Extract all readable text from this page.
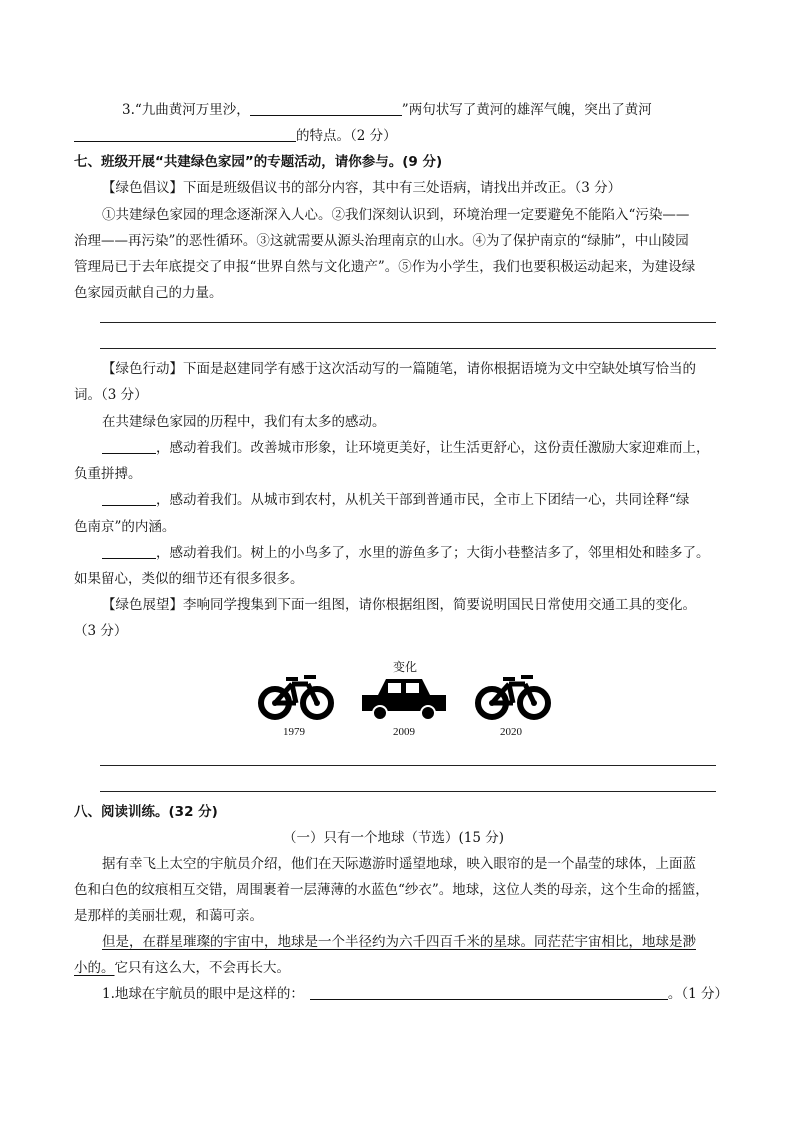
3.“九曲黄河万里沙，	”两句状写了黄河的雄浑气魄，突出了黄河
的特点。（2 分）
七、班级开展“共建绿色家园”的专题活动，请你参与。(9 分)
【绿色倡议】下面是班级倡议书的部分内容，其中有三处语病，请找出并改正。（3 分）
①共建绿色家园的理念逐渐深入人心。②我们深刻认识到，环境治理一定要避免不能陷入“污染——
治理——再污染”的恶性循环。③这就需要从源头治理南京的山水。④为了保护南京的“绿肺”，中山陵园
管理局已于去年底提交了申报“世界自然与文化遗产”。⑤作为小学生，我们也要积极运动起来，为建设绿
色家园贡献自己的力量。
【绿色行动】下面是赵建同学有感于这次活动写的一篇随笔，请你根据语境为文中空缺处填写恰当的
词。（3 分）
在共建绿色家园的历程中，我们有太多的感动。
，感动着我们。改善城市形象，让环境更美好，让生活更舒心，这份责任激励大家迎难而上，
负重拼搏。
，感动着我们。从城市到农村，从机关干部到普通市民，全市上下团结一心，共同诠释“绿
色南京”的内涵。
，感动着我们。树上的小鸟多了，水里的游鱼多了；大街小巷整洁多了，邻里相处和睦多了。
如果留心，类似的细节还有很多很多。
【绿色展望】李响同学搜集到下面一组图，请你根据组图，简要说明国民日常使用交通工具的变化。
（3 分）
变化
1979	2009	2020
八、阅读训练。(32 分)
（一）只有一个地球（节选）(15 分)
据有幸飞上太空的宇航员介绍，他们在天际遨游时遥望地球，映入眼帘的是一个晶莹的球体，上面蓝
色和白色的纹痕相互交错，周围裹着一层薄薄的水蓝色“纱衣”。地球，这位人类的母亲，这个生命的摇篮，
是那样的美丽壮观，和蔼可亲。
但是，在群星璀璨的宇宙中，地球是一个半径约为六千四百千米的星球。同茫茫宇宙相比，地球是渺
小的。它只有这么大，不会再长大。
1.地球在宇航员的眼中是这样的：	。（1 分）
